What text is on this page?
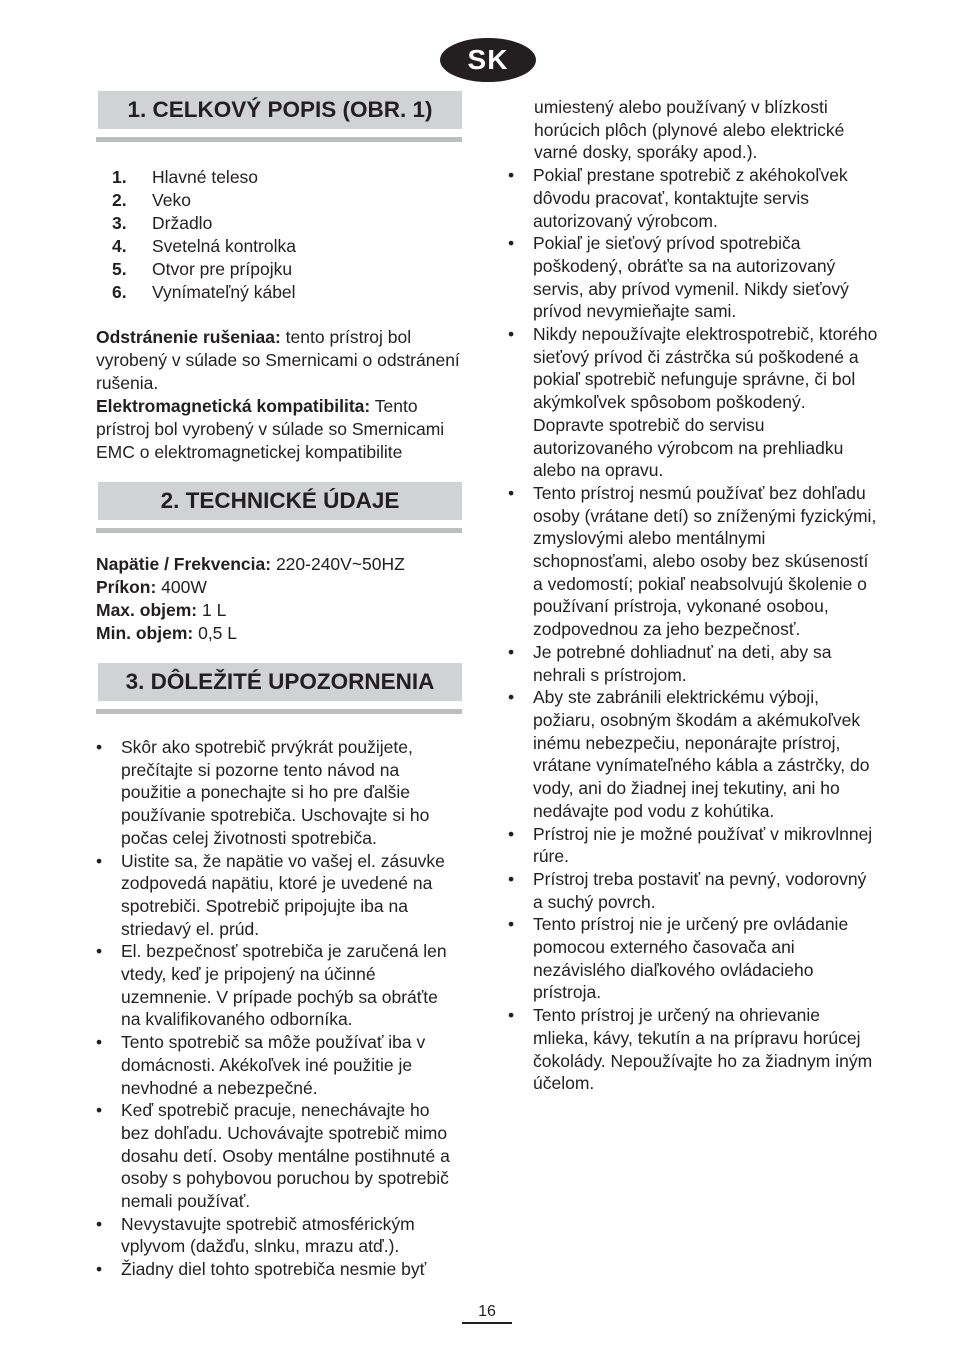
SK
1. CELKOVÝ POPIS (OBR. 1)
1.	Hlavné teleso
2.	Veko
3.	Držadlo
4.	Svetelná kontrolka
5.	Otvor pre prípojku
6.	Vynímateľný kábel

Odstránenie rušeniaa: tento prístroj bol vyrobený v súlade so Smernicami o odstránení rušenia.

Elektromagnetická kompatibilita: Tento prístroj bol vyrobený v súlade so Smernicami EMC o elektromagnetickej kompatibilite

2. TECHNICKÉ ÚDAJE

Napätie / Frekvencia: 220-240V~50HZ

Príkon: 400W

Max. objem: 1 L

Min. objem: 0,5 L

3. DÔLEŽITÉ UPOZORNENIA
• Skôr ako spotrebič prvýkrát použijete, prečítajte si pozorne tento návod na použitie a ponechajte si ho pre ďalšie používanie spotrebiča. Uschovajte si ho počas celej životnosti spotrebiča.
• Uistite sa, že napätie vo vašej el. zásuvke zodpovedá napätiu, ktoré je uvedené na spotrebiči. Spotrebič pripojujte iba na striedavý el. prúd.
• El. bezpečnosť spotrebiča je zaručená len vtedy, keď je pripojený na účinné uzemnenie. V prípade pochýb sa obráťte na kvalifikovaného odborníka.
• Tento spotrebič sa môže používať iba v domácnosti. Akékoľvek iné použitie je nevhodné a nebezpečné.
• Keď spotrebič pracuje, nenechávajte ho bez dohľadu. Uchovávajte spotrebič mimo dosahu detí. Osoby mentálne postihnuté a osoby s pohybovou poruchou by spotrebič nemali používať.
• Nevystavujte spotrebič atmosférickým vplyvom (dažďu, slnku, mrazu atď.).
• Žiadny diel tohto spotrebiča nesmie byť

umiestený alebo používaný v blízkosti horúcich plôch (plynové alebo elektrické varné dosky, sporáky apod.).

• Pokiaľ prestane spotrebič z akéhokoľvek dôvodu pracovať, kontaktujte servis autorizovaný výrobcom.
• Pokiaľ je sieťový prívod spotrebiča poškodený, obráťte sa na autorizovaný servis, aby prívod vymenil. Nikdy sieťový prívod nevymieňajte sami.
• Nikdy nepoužívajte elektrospotrebič, ktorého sieťový prívod či zástrčka sú poškodené a pokiaľ spotrebič nefunguje správne, či bol akýmkoľvek spôsobom poškodený. Dopravte spotrebič do servisu autorizovaného výrobcom na prehliadku alebo na opravu.
• Tento prístroj nesmú používať bez dohľadu osoby (vrátane detí) so zníženými fyzickými, zmyslovými alebo mentálnymi schopnosťami, alebo osoby bez skúseností a vedomostí; pokiaľ neabsolvujú školenie o používaní prístroja, vykonané osobou, zodpovednou za jeho bezpečnosť.
• Je potrebné dohliadnuť na deti, aby sa nehrali s prístrojom.
• Aby ste zabránili elektrickému výboji, požiaru, osobným škodám a akémukoľvek inému nebezpečiu, neponárajte prístroj, vrátane vynímateľného kábla a zástrčky, do vody, ani do žiadnej inej tekutiny, ani ho nedávajte pod vodu z kohútika.
• Prístroj nie je možné používať v mikrovlnnej rúre.
• Prístroj treba postaviť na pevný, vodorovný a suchý povrch.
• Tento prístroj nie je určený pre ovládanie pomocou externého časovača ani nezávislého diaľkového ovládacieho prístroja.
• Tento prístroj je určený na ohrievanie mlieka, kávy, tekutín a na prípravu horúcej čokolády. Nepoužívajte ho za žiadnym iným účelom.
16
